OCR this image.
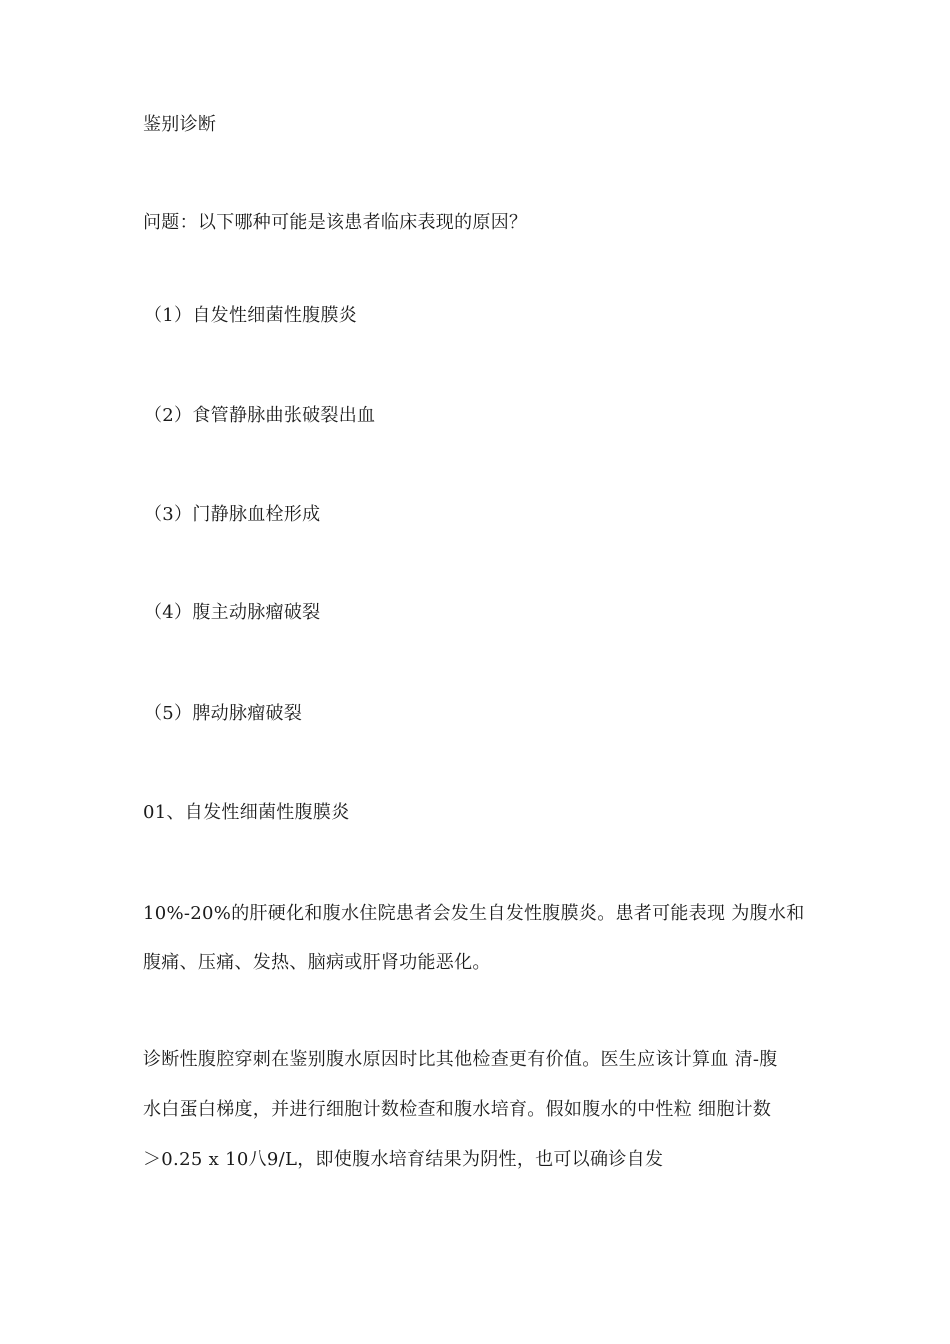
鉴别诊断
问题：以下哪种可能是该患者临床表现的原因？
（1）自发性细菌性腹膜炎
（2）食管静脉曲张破裂出血
（3）门静脉血栓形成
（4）腹主动脉瘤破裂
（5）脾动脉瘤破裂
01、自发性细菌性腹膜炎
10%-20%的肝硬化和腹水住院患者会发生自发性腹膜炎。患者可能表现 为腹水和
腹痛、压痛、发热、脑病或肝肾功能恶化。
诊断性腹腔穿刺在鉴别腹水原因时比其他检查更有价值。医生应该计算血 清-腹
水白蛋白梯度，并进行细胞计数检查和腹水培育。假如腹水的中性粒 细胞计数
＞0.25 x 10八9/L，即使腹水培育结果为阴性，也可以确诊自发
